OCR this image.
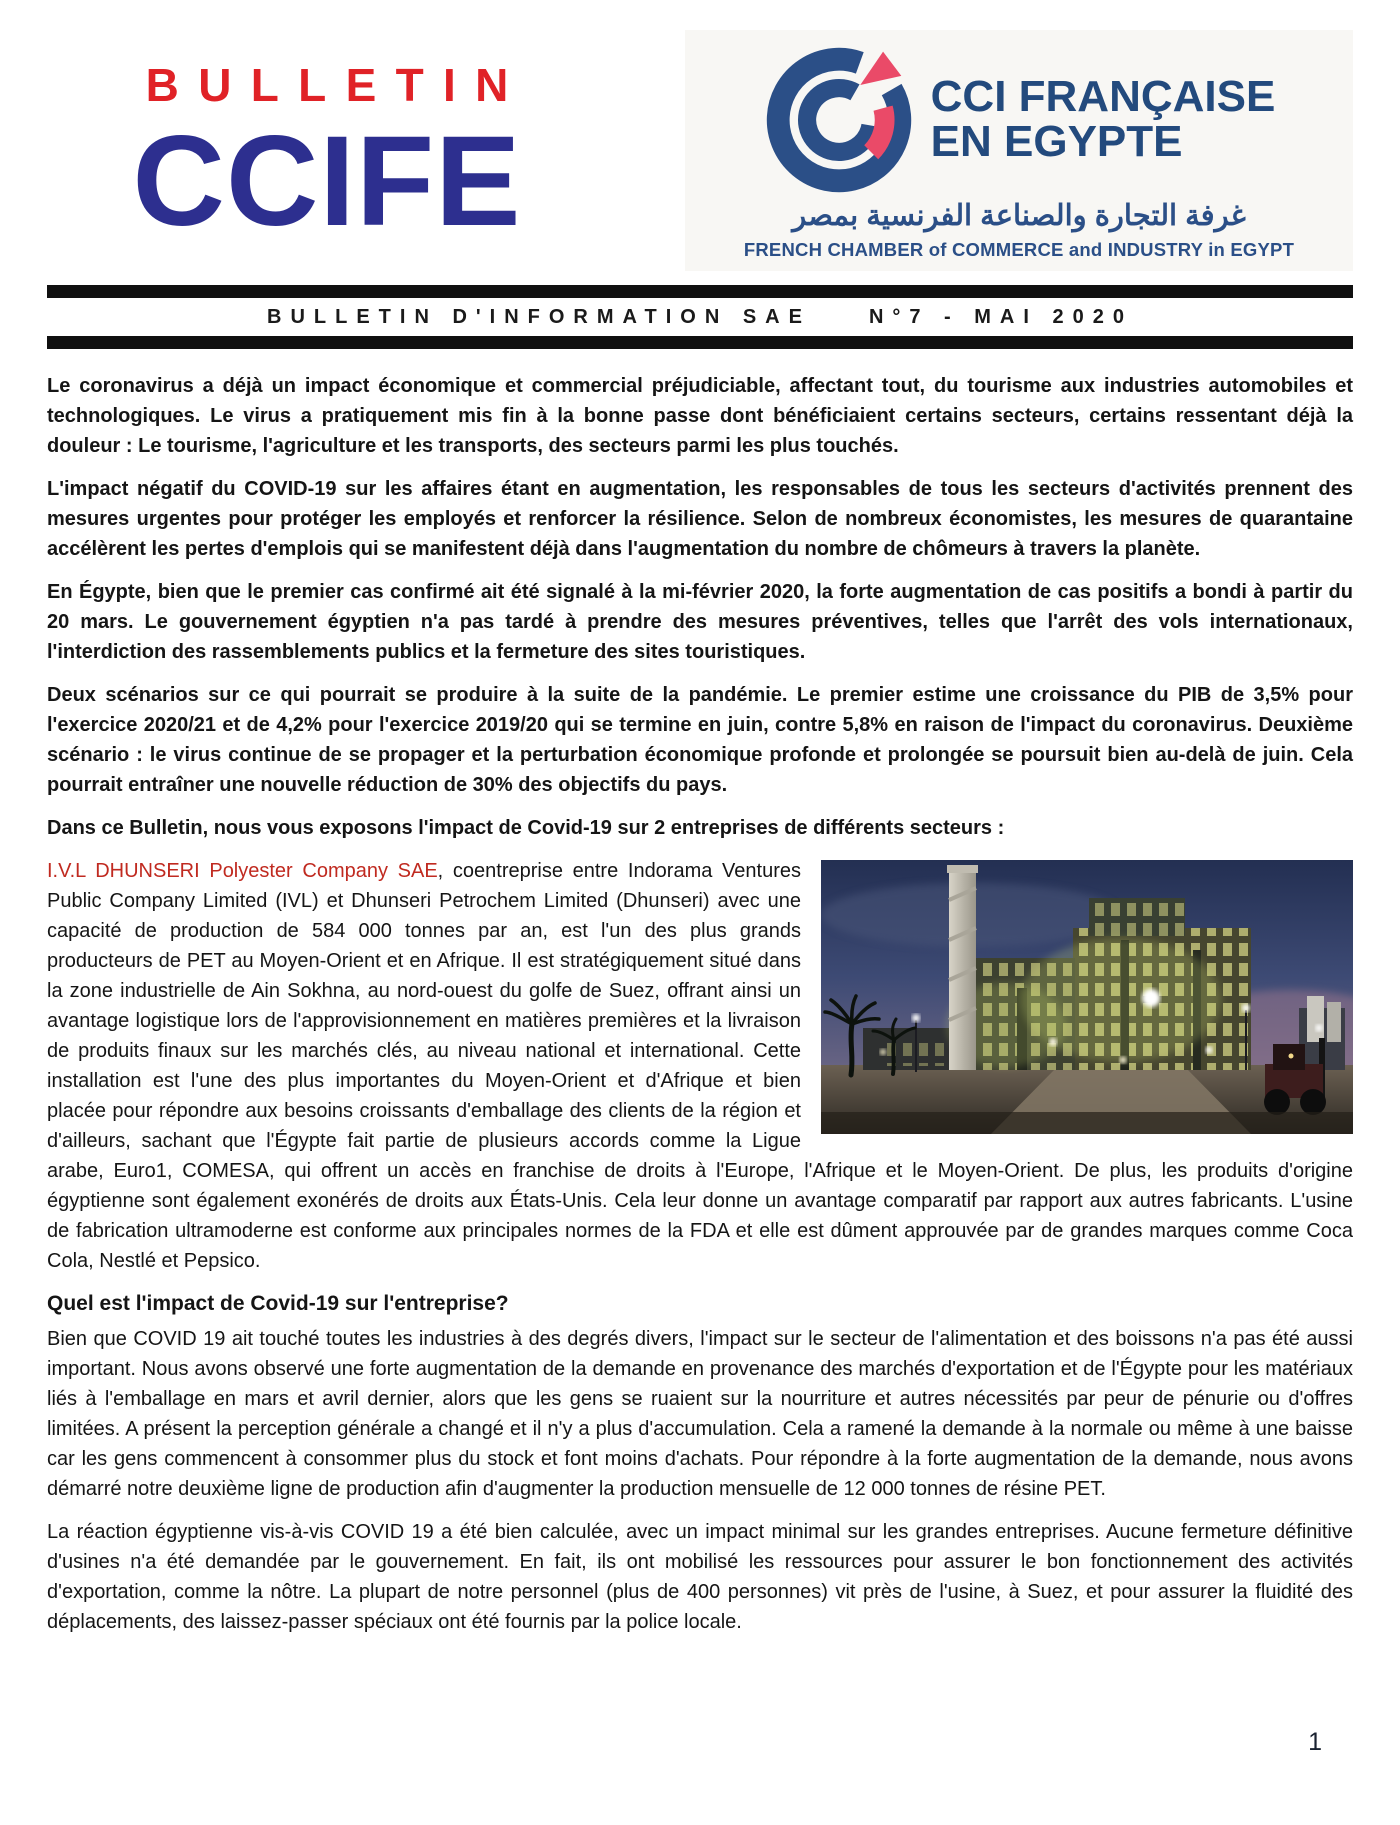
BULLETIN
CCIFE
CCI FRANÇAISE
EN EGYPTE
غرفة التجارة والصناعة الفرنسية بمصر
FRENCH CHAMBER of COMMERCE and INDUSTRY in EGYPT
BULLETIN D'INFORMATION SAE	N°7 - MAI 2020

Le coronavirus a déjà un impact économique et commercial préjudiciable, affectant tout, du tourisme aux industries automobiles et technologiques. Le virus a pratiquement mis fin à la bonne passe dont bénéficiaient certains secteurs, certains ressentant déjà la douleur : Le tourisme, l'agriculture et les transports, des secteurs parmi les plus touchés.

L'impact négatif du COVID-19 sur les affaires étant en augmentation, les responsables de tous les secteurs d'activités prennent des mesures urgentes pour protéger les employés et renforcer la résilience. Selon de nombreux économistes, les mesures de quarantaine accélèrent les pertes d'emplois qui se manifestent déjà dans l'augmentation du nombre de chômeurs à travers la planète.

En Égypte, bien que le premier cas confirmé ait été signalé à la mi-février 2020, la forte augmentation de cas positifs a bondi à partir du 20 mars. Le gouvernement égyptien n'a pas tardé à prendre des mesures préventives, telles que l'arrêt des vols internationaux, l'interdiction des rassemblements publics et la fermeture des sites touristiques.

Deux scénarios sur ce qui pourrait se produire à la suite de la pandémie. Le premier estime une croissance du PIB de 3,5% pour l'exercice 2020/21 et de 4,2% pour l'exercice 2019/20 qui se termine en juin, contre 5,8% en raison de l'impact du coronavirus. Deuxième scénario : le virus continue de se propager et la perturbation économique profonde et prolongée se poursuit bien au-delà de juin. Cela pourrait entraîner une nouvelle réduction de 30% des objectifs du pays.

Dans ce Bulletin, nous vous exposons l'impact de Covid-19 sur 2 entreprises de différents secteurs :

I.V.L DHUNSERI Polyester Company SAE, coentreprise entre Indorama Ventures Public Company Limited (IVL) et Dhunseri Petrochem Limited (Dhunseri) avec une capacité de production de 584 000 tonnes par an, est l'un des plus grands producteurs de PET au Moyen-Orient et en Afrique. Il est stratégiquement situé dans la zone industrielle de Ain Sokhna, au nord-ouest du golfe de Suez, offrant ainsi un avantage logistique lors de l'approvisionnement en matières premières et la livraison de produits finaux sur les marchés clés, au niveau national et international. Cette installation est l'une des plus importantes du Moyen-Orient et d'Afrique et bien placée pour répondre aux besoins croissants d'emballage des clients de la région et d'ailleurs, sachant que l'Égypte fait partie de plusieurs accords comme la Ligue arabe, Euro1, COMESA, qui offrent un accès en franchise de droits à l'Europe, l'Afrique et le Moyen-Orient. De plus, les produits d'origine égyptienne sont également exonérés de droits aux États-Unis. Cela leur donne un avantage comparatif par rapport aux autres fabricants. L'usine de fabrication ultramoderne est conforme aux principales normes de la FDA et elle est dûment approuvée par de grandes marques comme Coca Cola, Nestlé et Pepsico.

Quel est l'impact de Covid-19 sur l'entreprise?

Bien que COVID 19 ait touché toutes les industries à des degrés divers, l'impact sur le secteur de l'alimentation et des boissons n'a pas été aussi important. Nous avons observé une forte augmentation de la demande en provenance des marchés d'exportation et de l'Égypte pour les matériaux liés à l'emballage en mars et avril dernier, alors que les gens se ruaient sur la nourriture et autres nécessités par peur de pénurie ou d'offres limitées. A présent la perception générale a changé et il n'y a plus d'accumulation. Cela a ramené la demande à la normale ou même à une baisse car les gens commencent à consommer plus du stock et font moins d'achats. Pour répondre à la forte augmentation de la demande, nous avons démarré notre deuxième ligne de production afin d'augmenter la production mensuelle de 12 000 tonnes de résine PET.

La réaction égyptienne vis-à-vis COVID 19 a été bien calculée, avec un impact minimal sur les grandes entreprises. Aucune fermeture définitive d'usines n'a été demandée par le gouvernement. En fait, ils ont mobilisé les ressources pour assurer le bon fonctionnement des activités d'exportation, comme la nôtre. La plupart de notre personnel (plus de 400 personnes) vit près de l'usine, à Suez, et pour assurer la fluidité des déplacements, des laissez-passer spéciaux ont été fournis par la police locale.

1
